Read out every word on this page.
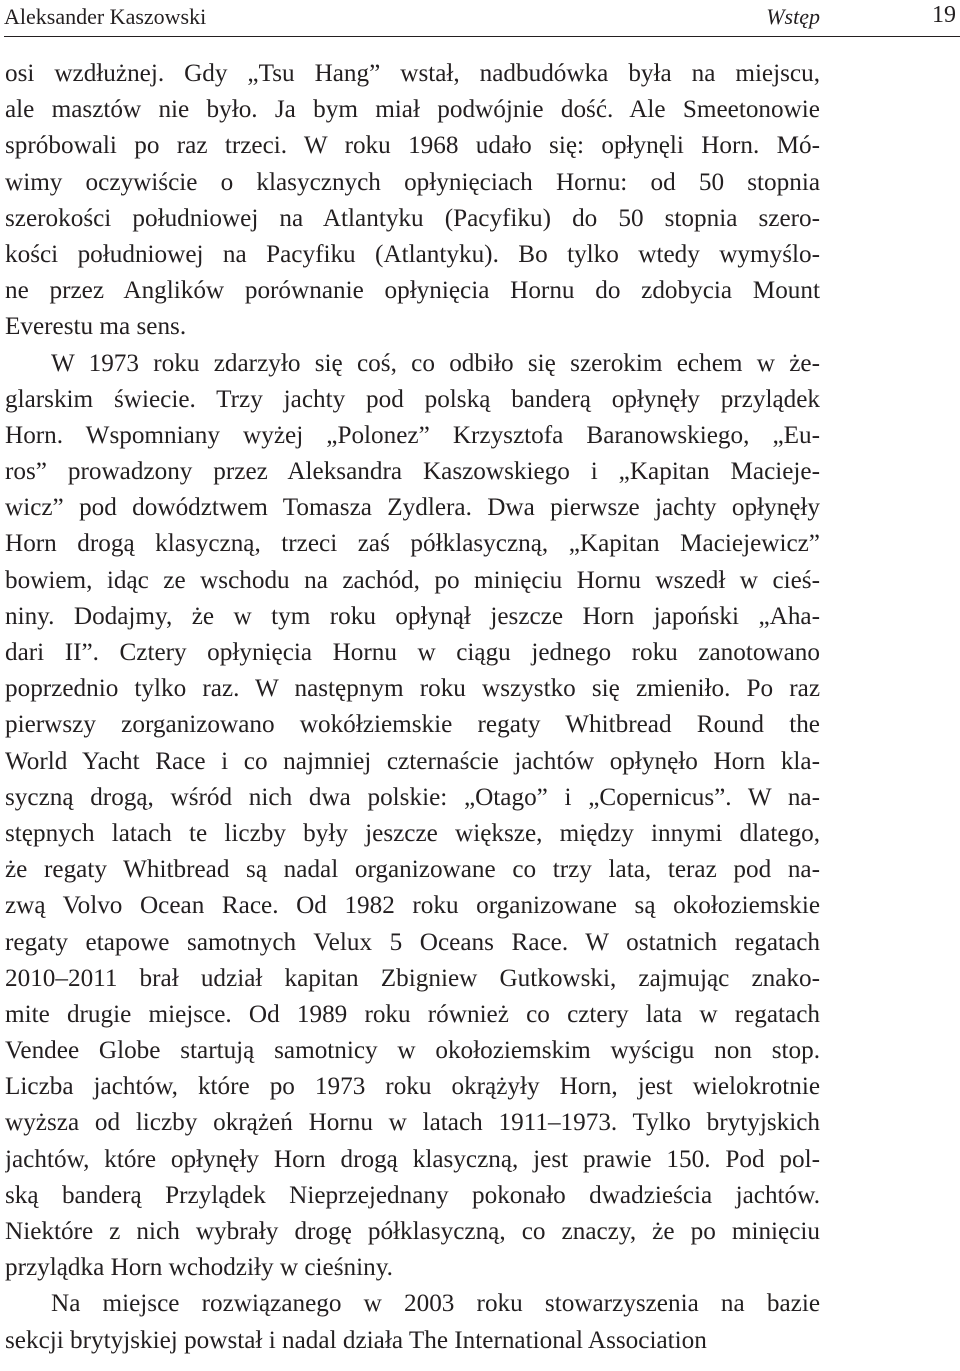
Aleksander Kaszowski	Wstęp	19
osi wzdłużnej. Gdy „Tsu Hang” wstał, nadbudówka była na miejscu,
ale masztów nie było. Ja bym miał podwójnie dość. Ale Smeetonowie
spróbowali po raz trzeci. W roku 1968 udało się: opłynęli Horn. Mó-
wimy oczywiście o klasycznych opłynięciach Hornu: od 50 stopnia
szerokości południowej na Atlantyku (Pacyfiku) do 50 stopnia szero-
kości południowej na Pacyfiku (Atlantyku). Bo tylko wtedy wymyślo-
ne przez Anglików porównanie opłynięcia Hornu do zdobycia Mount
Everestu ma sens.
W 1973 roku zdarzyło się coś, co odbiło się szerokim echem w że-
glarskim świecie. Trzy jachty pod polską banderą opłynęły przylądek
Horn. Wspomniany wyżej „Polonez” Krzysztofa Baranowskiego, „Eu-
ros” prowadzony przez Aleksandra Kaszowskiego i „Kapitan Macieje-
wicz” pod dowództwem Tomasza Zydlera. Dwa pierwsze jachty opłynęły
Horn drogą klasyczną, trzeci zaś półklasyczną, „Kapitan Maciejewicz”
bowiem, idąc ze wschodu na zachód, po minięciu Hornu wszedł w cieś-
niny. Dodajmy, że w tym roku opłynął jeszcze Horn japoński „Aha-
dari II”. Cztery opłynięcia Hornu w ciągu jednego roku zanotowano
poprzednio tylko raz. W następnym roku wszystko się zmieniło. Po raz
pierwszy zorganizowano wokółziemskie regaty Whitbread Round the
World Yacht Race i co najmniej czternaście jachtów opłynęło Horn kla-
syczną drogą, wśród nich dwa polskie: „Otago” i „Copernicus”. W na-
stępnych latach te liczby były jeszcze większe, między innymi dlatego,
że regaty Whitbread są nadal organizowane co trzy lata, teraz pod na-
zwą Volvo Ocean Race. Od 1982 roku organizowane są okołoziemskie
regaty etapowe samotnych Velux 5 Oceans Race. W ostatnich regatach
2010–2011 brał udział kapitan Zbigniew Gutkowski, zajmując znako-
mite drugie miejsce. Od 1989 roku również co cztery lata w regatach
Vendee Globe startują samotnicy w okołoziemskim wyścigu non stop.
Liczba jachtów, które po 1973 roku okrążyły Horn, jest wielokrotnie
wyższa od liczby okrążeń Hornu w latach 1911–1973. Tylko brytyjskich
jachtów, które opłynęły Horn drogą klasyczną, jest prawie 150. Pod pol-
ską banderą Przylądek Nieprzejednany pokonało dwadzieścia jachtów.
Niektóre z nich wybrały drogę półklasyczną, co znaczy, że po minięciu
przylądka Horn wchodziły w cieśniny.
Na miejsce rozwiązanego w 2003 roku stowarzyszenia na bazie
sekcji brytyjskiej powstał i nadal działa The International Association
